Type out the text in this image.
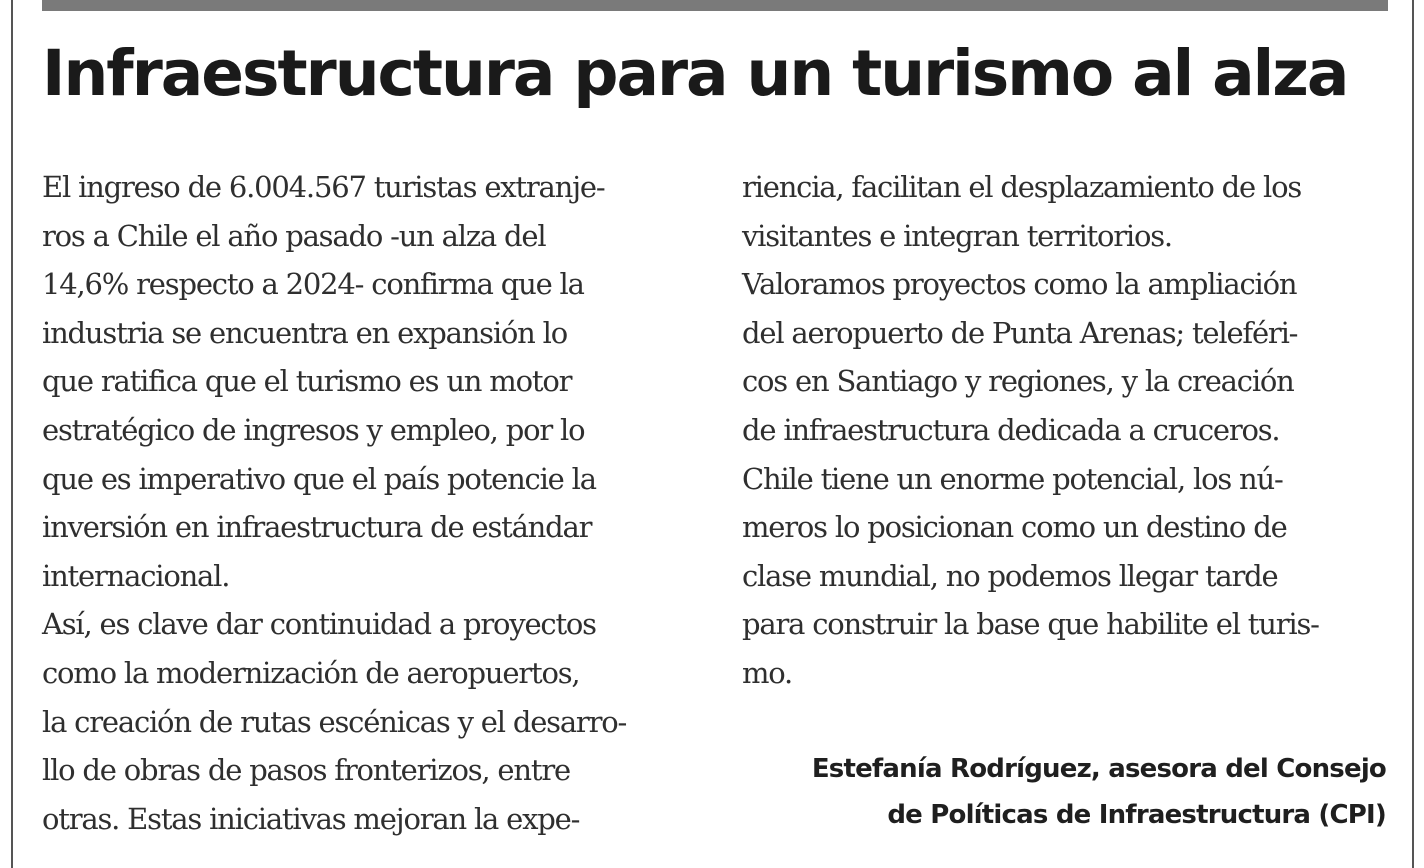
Infraestructura para un turismo al alza
El ingreso de 6.004.567 turistas extranje-
ros a Chile el año pasado -un alza del
14,6% respecto a 2024- confirma que la
industria se encuentra en expansión lo
que ratifica que el turismo es un motor
estratégico de ingresos y empleo, por lo
que es imperativo que el país potencie la
inversión en infraestructura de estándar
internacional.
Así, es clave dar continuidad a proyectos
como la modernización de aeropuertos,
la creación de rutas escénicas y el desarro-
llo de obras de pasos fronterizos, entre
otras. Estas iniciativas mejoran la expe-
riencia, facilitan el desplazamiento de los
visitantes e integran territorios.
Valoramos proyectos como la ampliación
del aeropuerto de Punta Arenas; teleféri-
cos en Santiago y regiones, y la creación
de infraestructura dedicada a cruceros.
Chile tiene un enorme potencial, los nú-
meros lo posicionan como un destino de
clase mundial, no podemos llegar tarde
para construir la base que habilite el turis-
mo.
Estefanía Rodríguez, asesora del Consejo
de Políticas de Infraestructura (CPI)
